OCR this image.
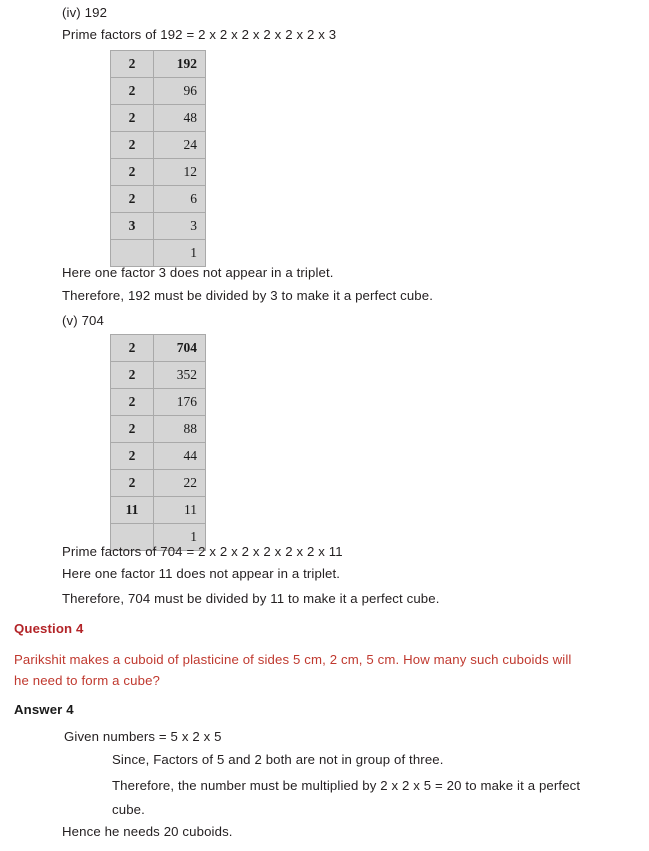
(iv) 192
Prime factors of 192 = 2 x 2 x 2 x 2 x 2 x 2 x 3
2	192
2	96
2	48
2	24
2	12
2	6
3	3
	1
Here one factor 3 does not appear in a triplet.
Therefore, 192 must be divided by 3 to make it a perfect cube.
(v) 704
2	704
2	352
2	176
2	88
2	44
2	22
11	11
	1
Prime factors of 704 = 2 x 2 x 2 x 2 x 2 x 2 x 11
Here one factor 11 does not appear in a triplet.
Therefore, 704 must be divided by 11 to make it a perfect cube.
Question 4
Parikshit makes a cuboid of plasticine of sides 5 cm, 2 cm, 5 cm. How many such cuboids will
he need to form a cube?
Answer 4
Given numbers = 5 x 2 x 5
Since, Factors of 5 and 2 both are not in group of three.
Therefore, the number must be multiplied by 2 x 2 x 5 = 20 to make it a perfect
cube.
Hence he needs 20 cuboids.
